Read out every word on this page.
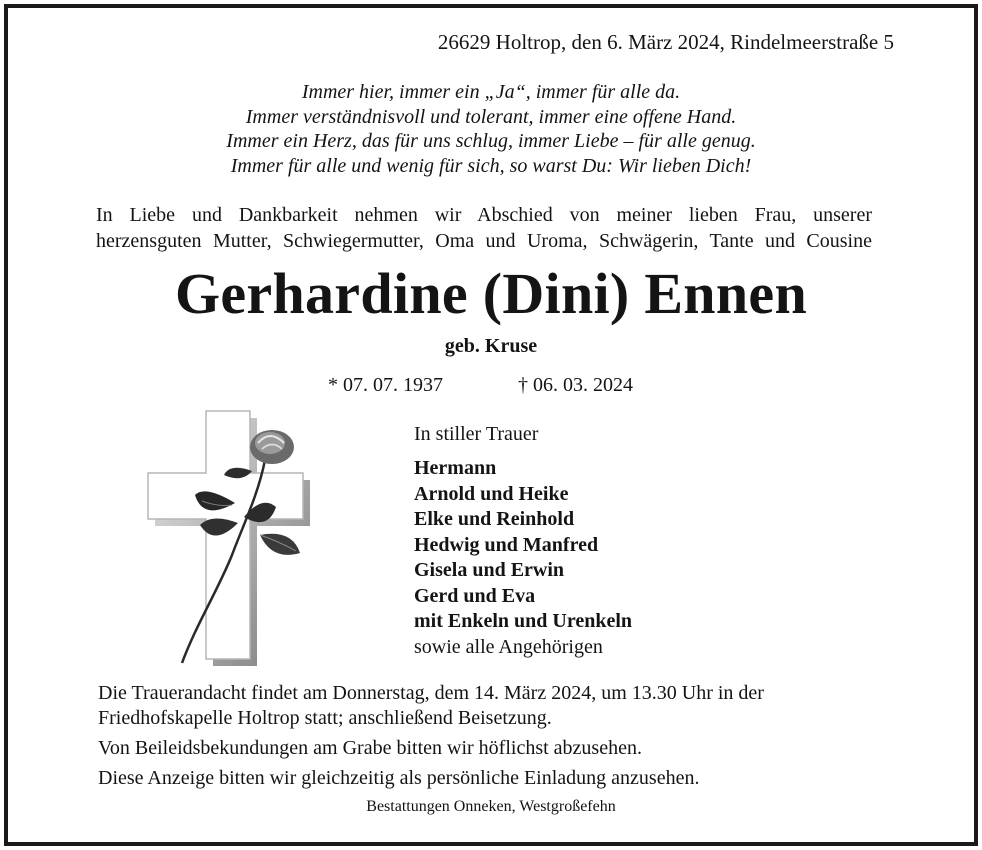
26629 Holtrop, den 6. März 2024, Rindelmeerstraße 5
Immer hier, immer ein „Ja“, immer für alle da.
Immer verständnisvoll und tolerant, immer eine offene Hand.
Immer ein Herz, das für uns schlug, immer Liebe – für alle genug.
Immer für alle und wenig für sich, so warst Du: Wir lieben Dich!
In Liebe und Dankbarkeit nehmen wir Abschied von meiner lieben Frau, unserer
herzensguten Mutter, Schwiegermutter, Oma und Uroma, Schwägerin, Tante und Cousine
Gerhardine (Dini) Ennen
geb. Kruse
* 07. 07. 1937	† 06. 03. 2024
In stiller Trauer
Hermann
Arnold und Heike
Elke und Reinhold
Hedwig und Manfred
Gisela und Erwin
Gerd und Eva
mit Enkeln und Urenkeln
sowie alle Angehörigen
Die Trauerandacht findet am Donnerstag, dem 14. März 2024, um 13.30 Uhr in der
Friedhofskapelle Holtrop statt; anschließend Beisetzung.
Von Beileidsbekundungen am Grabe bitten wir höflichst abzusehen.
Diese Anzeige bitten wir gleichzeitig als persönliche Einladung anzusehen.
Bestattungen Onneken, Westgroßefehn
